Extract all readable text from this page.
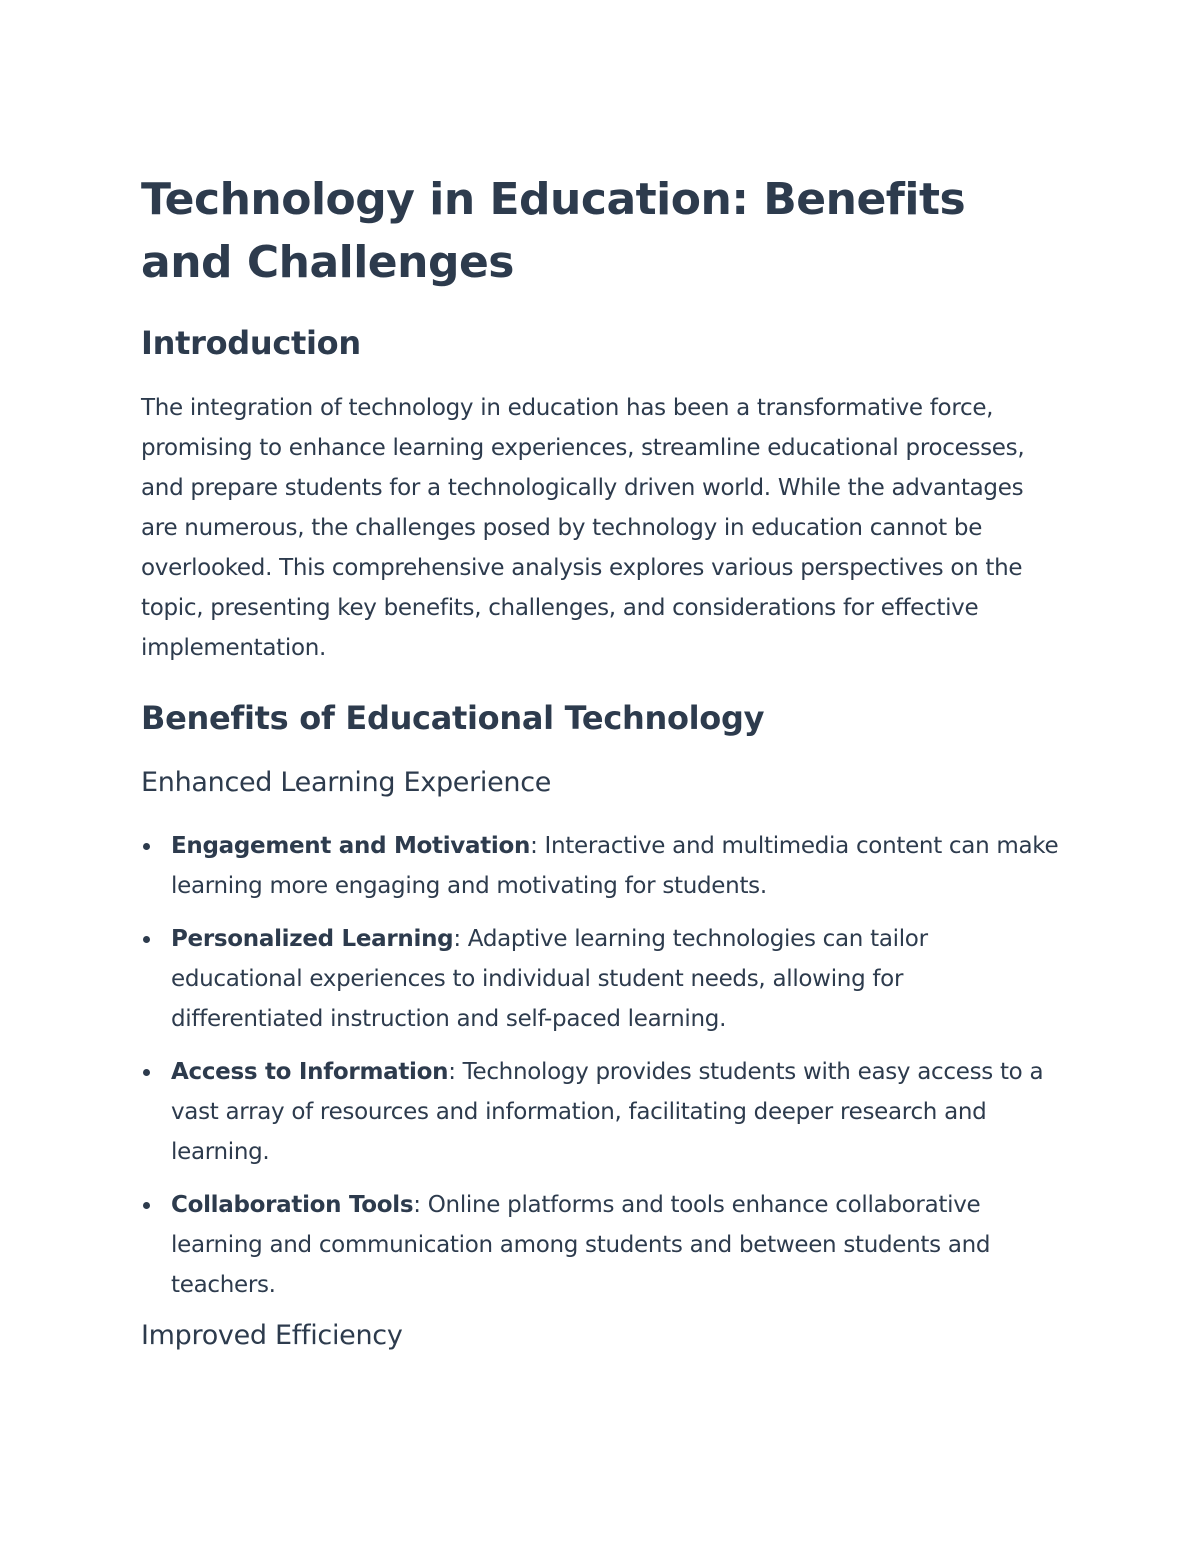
Technology in Education: Benefits and Challenges
Introduction

The integration of technology in education has been a transformative force, promising to enhance learning experiences, streamline educational processes, and prepare students for a technologically driven world. While the advantages are numerous, the challenges posed by technology in education cannot be overlooked. This comprehensive analysis explores various perspectives on the topic, presenting key benefits, challenges, and considerations for effective implementation.

Benefits of Educational Technology
Enhanced Learning Experience
Engagement and Motivation: Interactive and multimedia content can make learning more engaging and motivating for students.
Personalized Learning: Adaptive learning technologies can tailor educational experiences to individual student needs, allowing for differentiated instruction and self-paced learning.
Access to Information: Technology provides students with easy access to a vast array of resources and information, facilitating deeper research and learning.
Collaboration Tools: Online platforms and tools enhance collaborative learning and communication among students and between students and teachers.
Improved Efficiency
